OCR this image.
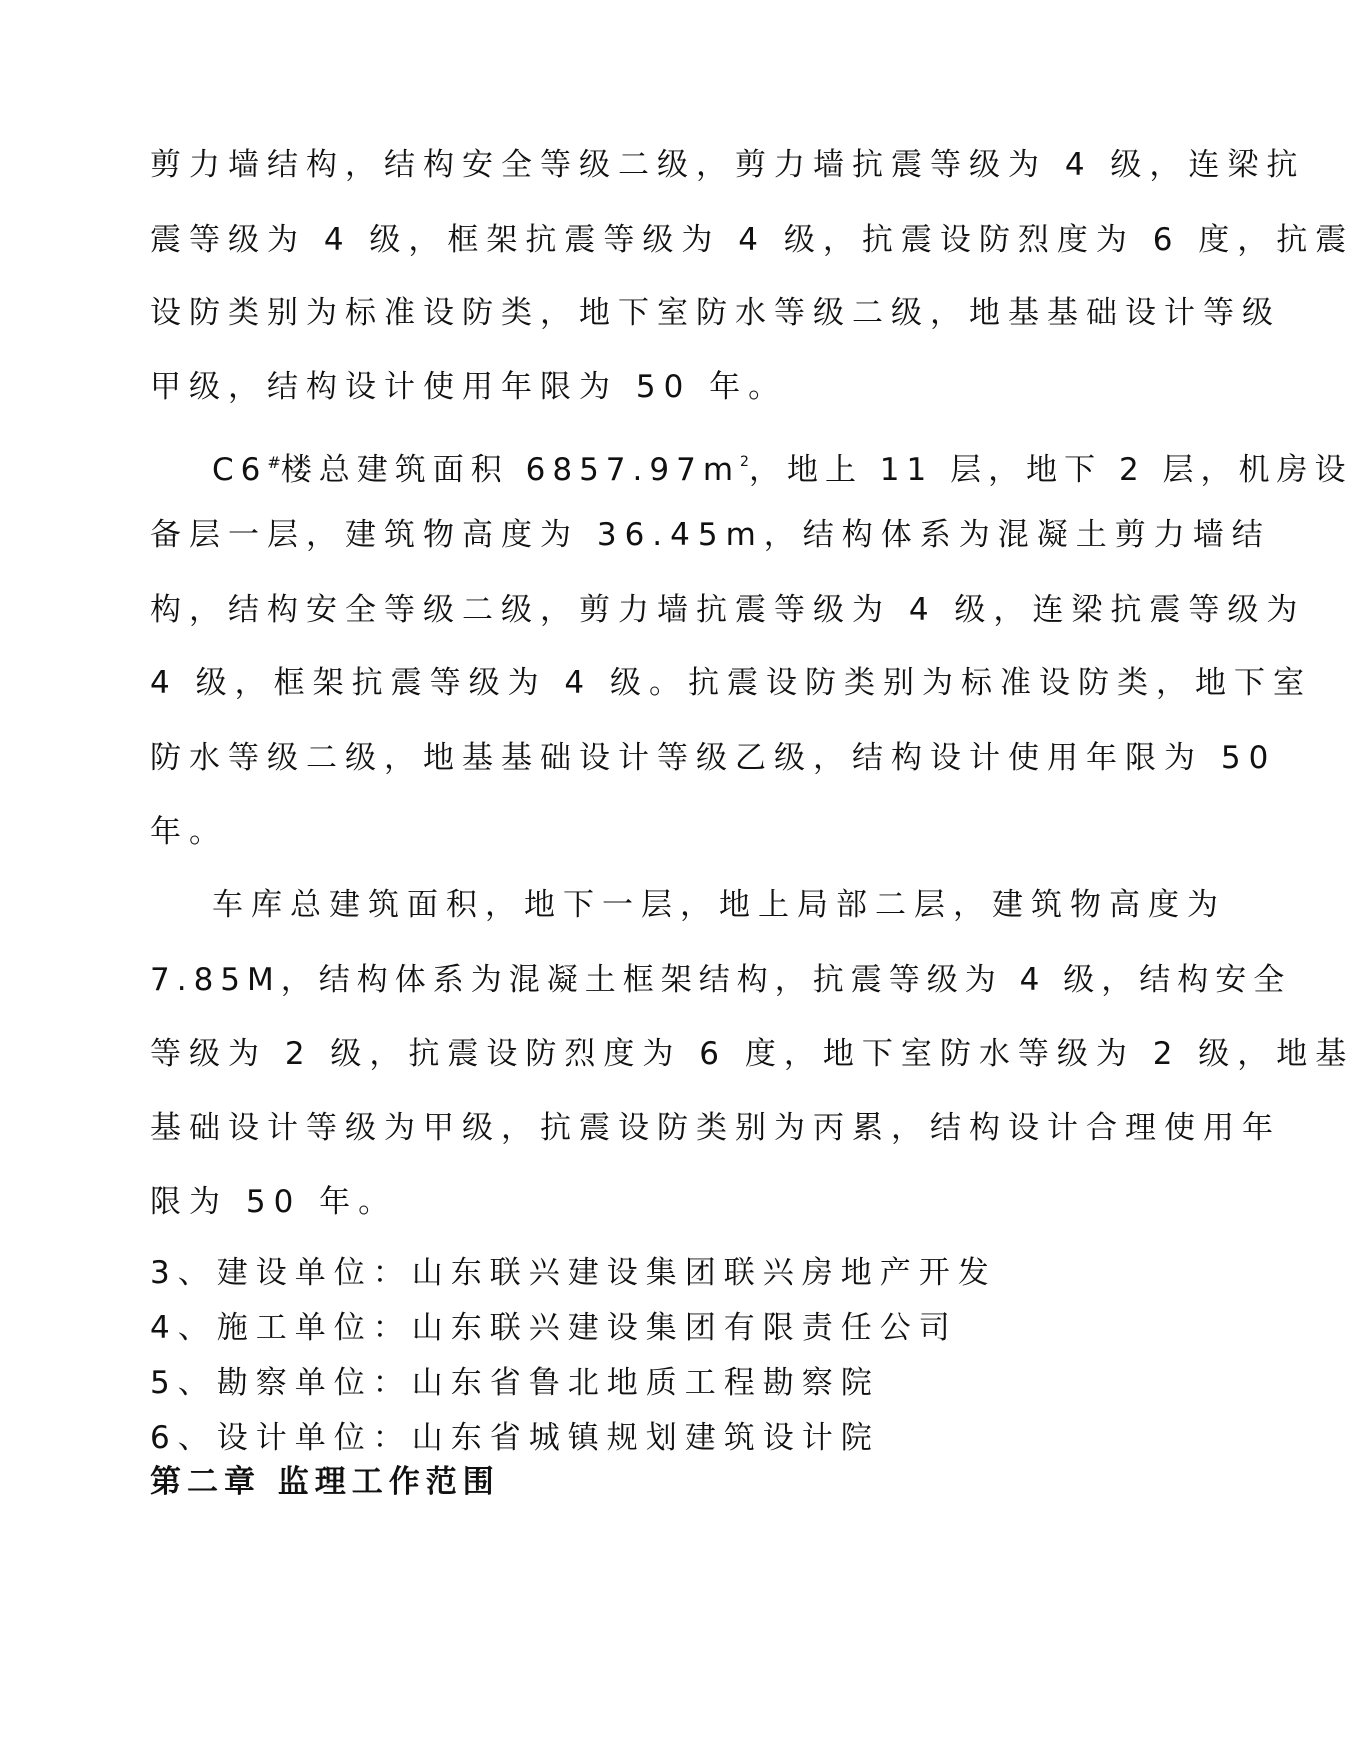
剪力墙结构，结构安全等级二级，剪力墙抗震等级为 4 级，连梁抗
震等级为 4 级，框架抗震等级为 4 级，抗震设防烈度为 6 度，抗震
设防类别为标准设防类，地下室防水等级二级，地基基础设计等级
甲级，结构设计使用年限为 50 年。
C6#楼总建筑面积 $6857.97m^2$，地上 11 层，地下 2 层，机房设
备层一层，建筑物高度为 36.45m，结构体系为混凝土剪力墙结
构，结构安全等级二级，剪力墙抗震等级为 4 级，连梁抗震等级为
4 级，框架抗震等级为 4 级。抗震设防类别为标准设防类，地下室
防水等级二级，地基基础设计等级乙级，结构设计使用年限为 50
年。
车库总建筑面积，地下一层，地上局部二层，建筑物高度为
7.85M，结构体系为混凝土框架结构，抗震等级为 4 级，结构安全
等级为 2 级，抗震设防烈度为 6 度，地下室防水等级为 2 级，地基
基础设计等级为甲级，抗震设防类别为丙累，结构设计合理使用年
限为 50 年。
3、建设单位：山东联兴建设集团联兴房地产开发
4、施工单位：山东联兴建设集团有限责任公司
5、勘察单位：山东省鲁北地质工程勘察院
6、设计单位：山东省城镇规划建筑设计院
第二章 监理工作范围
